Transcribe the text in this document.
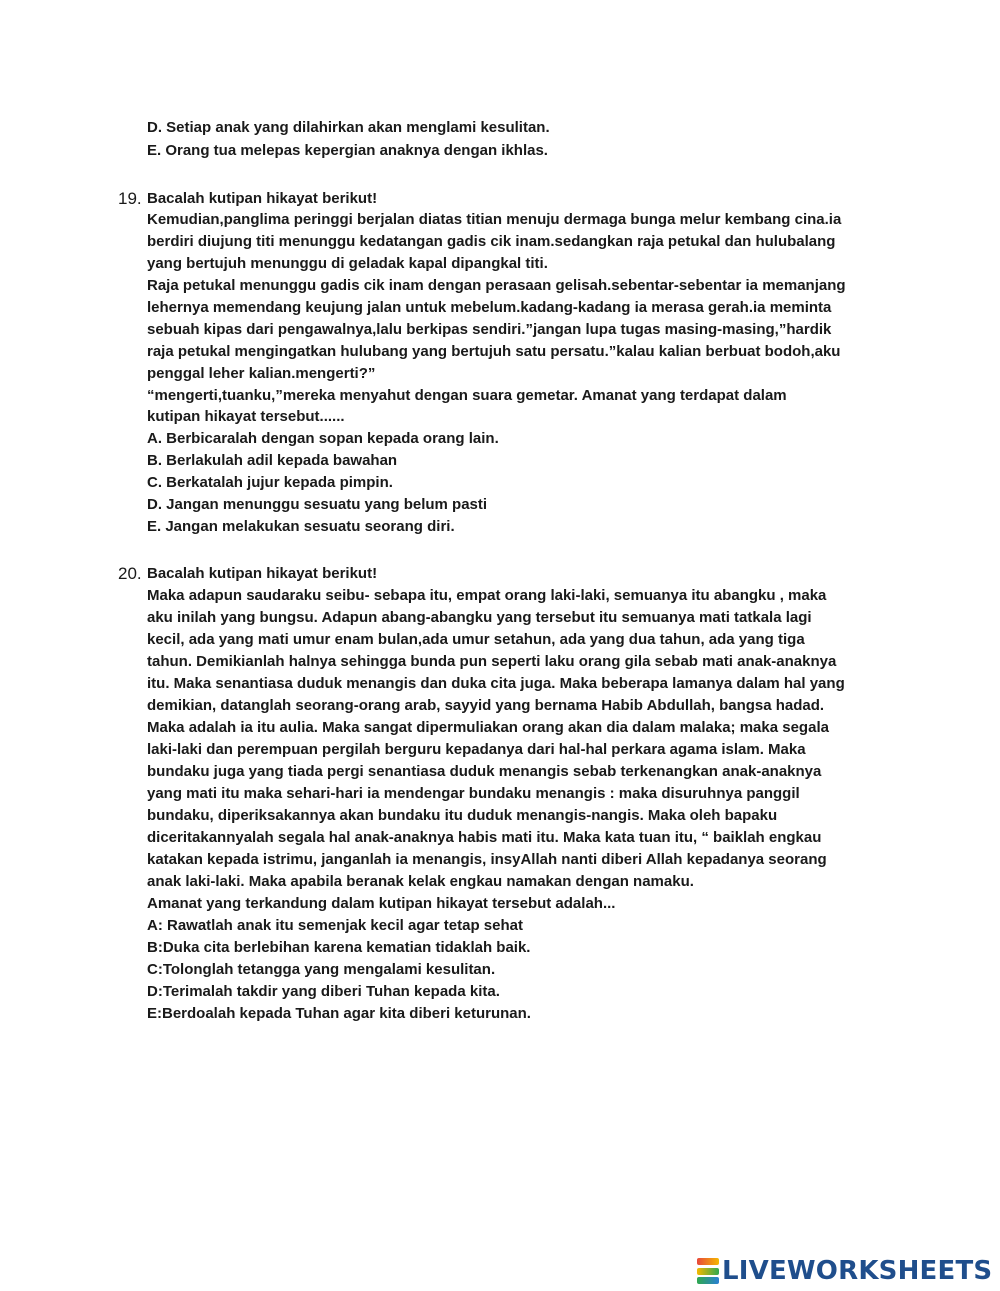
D. Setiap anak yang dilahirkan akan menglami kesulitan.
E. Orang tua melepas kepergian anaknya dengan ikhlas.
19. Bacalah kutipan hikayat berikut!
Kemudian,panglima peringgi berjalan diatas titian menuju dermaga bunga melur kembang cina.ia
berdiri diujung titi menunggu kedatangan gadis cik inam.sedangkan raja petukal dan hulubalang
yang bertujuh menunggu di geladak kapal dipangkal titi.
Raja petukal menunggu gadis cik inam dengan perasaan gelisah.sebentar-sebentar ia memanjang
lehernya memendang keujung jalan untuk mebelum.kadang-kadang ia merasa gerah.ia meminta
sebuah kipas dari pengawalnya,lalu berkipas sendiri.”jangan lupa tugas masing-masing,”hardik
raja petukal mengingatkan hulubang yang bertujuh satu persatu.”kalau kalian berbuat bodoh,aku
penggal leher kalian.mengerti?”
“mengerti,tuanku,”mereka menyahut dengan suara gemetar. Amanat yang terdapat dalam
kutipan hikayat tersebut......
A. Berbicaralah dengan sopan kepada orang lain.
B. Berlakulah adil kepada bawahan
C. Berkatalah jujur kepada pimpin.
D. Jangan menunggu sesuatu yang belum pasti
E. Jangan melakukan sesuatu seorang diri.
20. Bacalah kutipan hikayat berikut!
Maka adapun saudaraku seibu- sebapa itu, empat orang laki-laki, semuanya itu abangku , maka
aku inilah yang bungsu. Adapun abang-abangku yang tersebut itu semuanya mati tatkala lagi
kecil, ada yang mati umur enam bulan,ada umur setahun, ada yang dua tahun, ada yang tiga
tahun. Demikianlah halnya sehingga bunda pun seperti laku orang gila sebab mati anak-anaknya
itu. Maka senantiasa duduk menangis dan duka cita juga. Maka beberapa lamanya dalam hal yang
demikian, datanglah seorang-orang arab, sayyid yang bernama Habib Abdullah, bangsa hadad.
Maka adalah ia itu aulia. Maka sangat dipermuliakan orang akan dia dalam malaka; maka segala
laki-laki dan perempuan pergilah berguru kepadanya dari hal-hal perkara agama islam. Maka
bundaku juga yang tiada pergi senantiasa duduk menangis sebab terkenangkan anak-anaknya
yang mati itu maka sehari-hari ia mendengar bundaku menangis : maka disuruhnya panggil
bundaku, diperiksakannya akan bundaku itu duduk menangis-nangis. Maka oleh bapaku
diceritakannyalah segala hal anak-anaknya habis mati itu. Maka kata tuan itu, “ baiklah engkau
katakan kepada istrimu, janganlah ia menangis, insyAllah nanti diberi Allah kepadanya seorang
anak laki-laki. Maka apabila beranak kelak engkau namakan dengan namaku.
Amanat yang terkandung dalam kutipan hikayat tersebut adalah...
A: Rawatlah anak itu semenjak kecil agar tetap sehat
B:Duka cita berlebihan karena kematian tidaklah baik.
C:Tolonglah tetangga yang mengalami kesulitan.
D:Terimalah takdir yang diberi Tuhan kepada kita.
E:Berdoalah kepada Tuhan agar kita diberi keturunan.
LIVEWORKSHEETS
